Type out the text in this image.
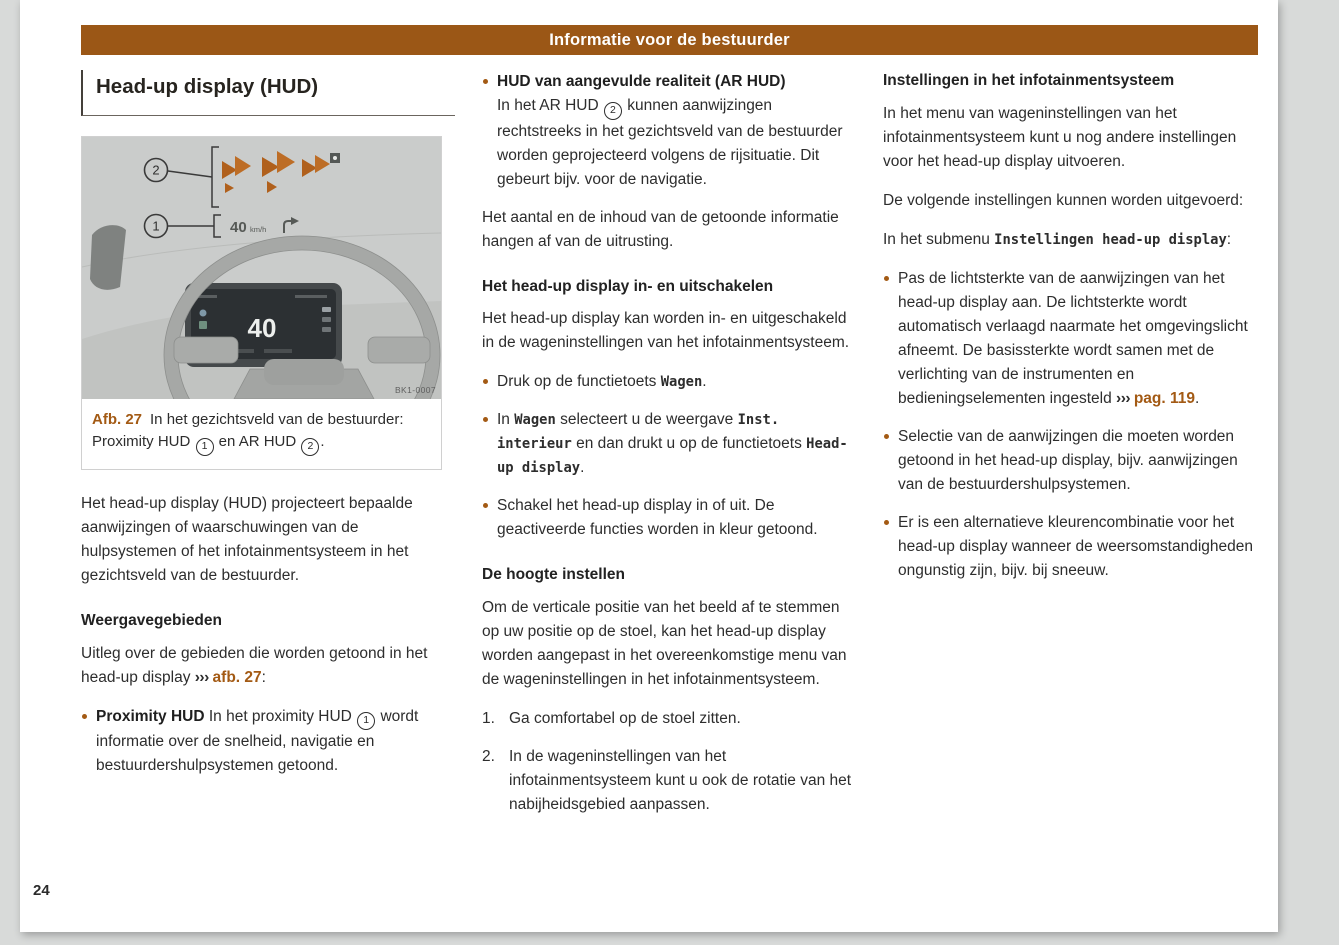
Informatie voor de bestuurder
Head-up display (HUD)
2
1	40 km/h
40
BK1-0007
Afb. 27 In het gezichtsveld van de bestuurder: Proximity HUD 1 en AR HUD 2 .

Het head-up display (HUD) projecteert bepaalde aanwijzingen of waarschuwingen van de hulpsystemen of het infotainmentsysteem in het gezichtsveld van de bestuurder.

Weergavegebieden

Uitleg over de gebieden die worden getoond in het head-up display ››› afb. 27:

Proximity HUD In het proximity HUD 1 wordt informatie over de snelheid, navigatie en bestuurdershulpsystemen getoond.
HUD van aangevulde realiteit (AR HUD)
In het AR HUD 2 kunnen aanwijzingen rechtstreeks in het gezichtsveld van de bestuurder worden geprojecteerd volgens de rijsituatie. Dit gebeurt bijv. voor de navigatie.

Het aantal en de inhoud van de getoonde informatie hangen af van de uitrusting.

Het head-up display in- en uitschakelen

Het head-up display kan worden in- en uitgeschakeld in de wageninstellingen van het infotainmentsysteem.

Druk op de functietoets Wagen.
In Wagen selecteert u de weergave Inst. interieur en dan drukt u op de functietoets Head-up display.
Schakel het head-up display in of uit. De geactiveerde functies worden in kleur getoond.
De hoogte instellen

Om de verticale positie van het beeld af te stemmen op uw positie op de stoel, kan het head-up display worden aangepast in het overeenkomstige menu van de wageninstellingen in het infotainmentsysteem.

1. Ga comfortabel op de stoel zitten.
2. In de wageninstellingen van het infotainmentsysteem kunt u ook de rotatie van het nabijheidsgebied aanpassen.
Instellingen in het infotainmentsysteem

In het menu van wageninstellingen van het infotainmentsysteem kunt u nog andere instellingen voor het head-up display uitvoeren.

De volgende instellingen kunnen worden uitgevoerd:

In het submenu Instellingen head-up display:

Pas de lichtsterkte van de aanwijzingen van het head-up display aan. De lichtsterkte wordt automatisch verlaagd naarmate het omgevingslicht afneemt. De basissterkte wordt samen met de verlichting van de instrumenten en bedieningselementen ingesteld ››› pag. 119.
Selectie van de aanwijzingen die moeten worden getoond in het head-up display, bijv. aanwijzingen van de bestuurdershulpsystemen.
Er is een alternatieve kleurencombinatie voor het head-up display wanneer de weersomstandigheden ongunstig zijn, bijv. bij sneeuw.
24
